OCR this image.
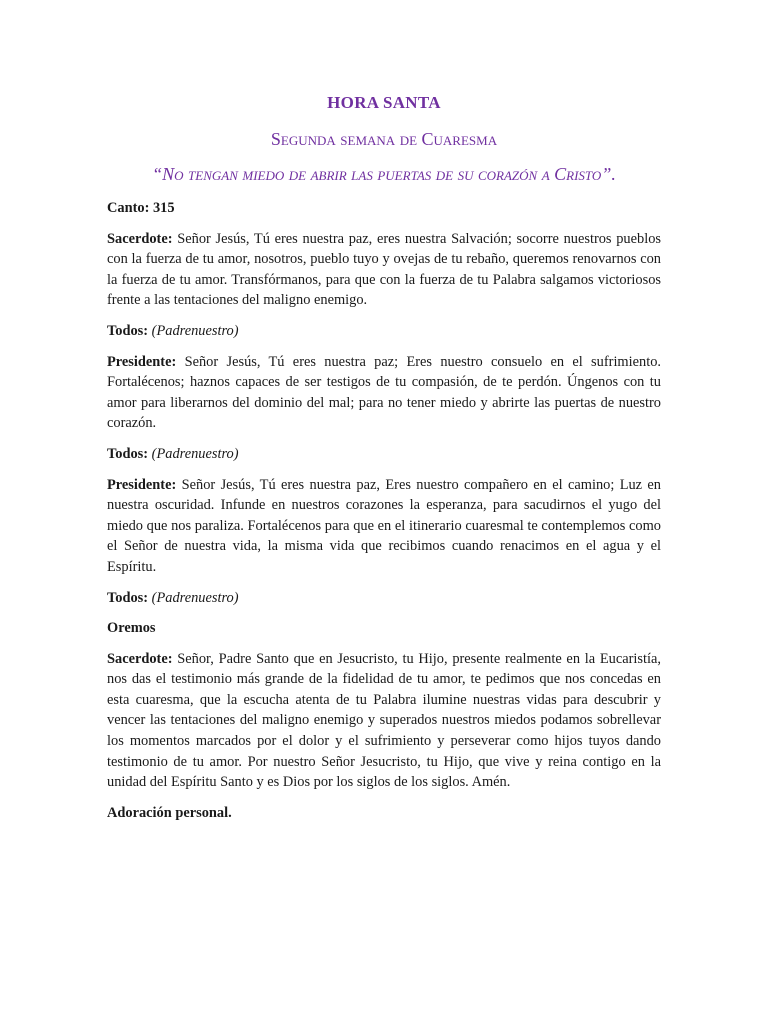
HORA SANTA
Segunda semana de Cuaresma
“No tengan miedo de abrir las puertas de su corazón a Cristo”.

Canto: 315

Sacerdote: Señor Jesús, Tú eres nuestra paz, eres nuestra Salvación; socorre nuestros pueblos con la fuerza de tu amor, nosotros, pueblo tuyo y ovejas de tu rebaño, queremos renovarnos con la fuerza de tu amor. Transfórmanos, para que con la fuerza de tu Palabra salgamos victoriosos frente a las tentaciones del maligno enemigo.

Todos: (Padrenuestro)

Presidente: Señor Jesús, Tú eres nuestra paz; Eres nuestro consuelo en el sufrimiento. Fortalécenos; haznos capaces de ser testigos de tu compasión, de te perdón. Úngenos con tu amor para liberarnos del dominio del mal; para no tener miedo y abrirte las puertas de nuestro corazón.

Todos: (Padrenuestro)

Presidente: Señor Jesús, Tú eres nuestra paz, Eres nuestro compañero en el camino; Luz en nuestra oscuridad. Infunde en nuestros corazones la esperanza, para sacudirnos el yugo del miedo que nos paraliza. Fortalécenos para que en el itinerario cuaresmal te contemplemos como el Señor de nuestra vida, la misma vida que recibimos cuando renacimos en el agua y el Espíritu.

Todos: (Padrenuestro)

Oremos

Sacerdote: Señor, Padre Santo que en Jesucristo, tu Hijo, presente realmente en la Eucaristía, nos das el testimonio más grande de la fidelidad de tu amor, te pedimos que nos concedas en esta cuaresma, que la escucha atenta de tu Palabra ilumine nuestras vidas para descubrir y vencer las tentaciones del maligno enemigo y superados nuestros miedos podamos sobrellevar los momentos marcados por el dolor y el sufrimiento y perseverar como hijos tuyos dando testimonio de tu amor. Por nuestro Señor Jesucristo, tu Hijo, que vive y reina contigo en la unidad del Espíritu Santo y es Dios por los siglos de los siglos. Amén.

Adoración personal.
